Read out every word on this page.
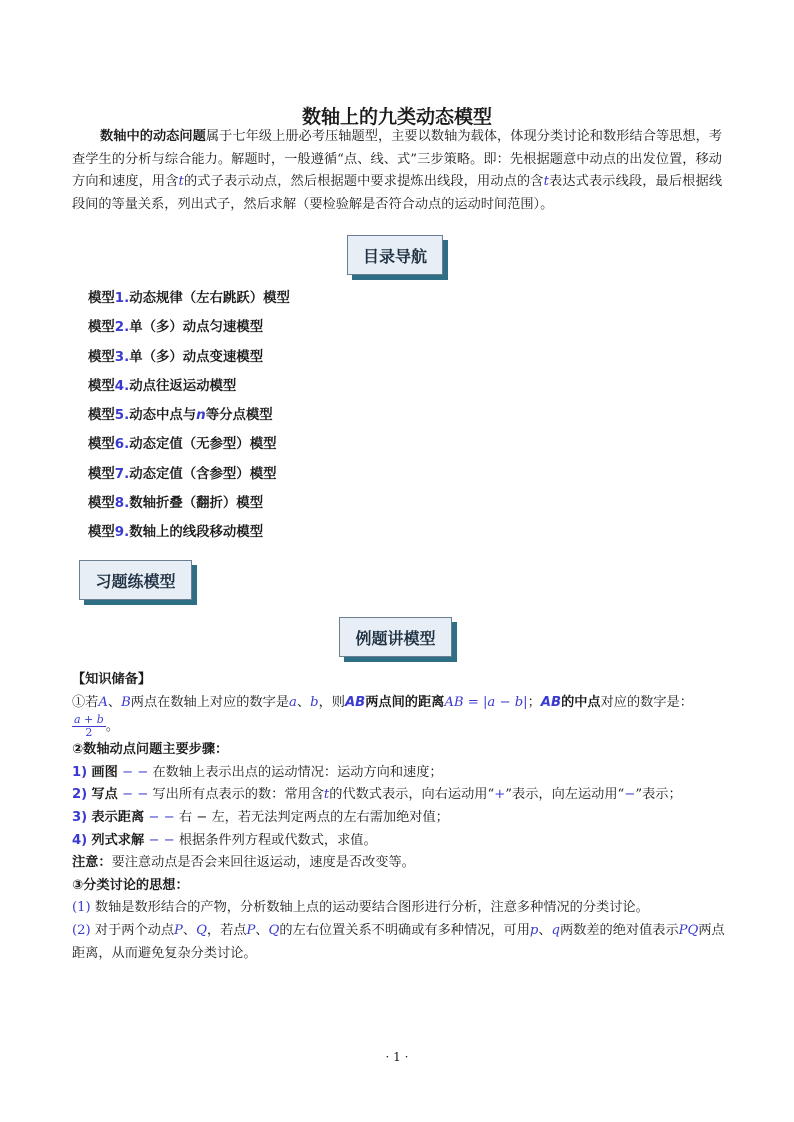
数轴上的九类动态模型
数轴中的动态问题属于七年级上册必考压轴题型，主要以数轴为载体，体现分类讨论和数形结合等思想，考查学生的分析与综合能力。解题时，一般遵循“点、线、式”三步策略。即：先根据题意中动点的出发位置，移动方向和速度，用含t的式子表示动点，然后根据题中要求提炼出线段，用动点的含t表达式表示线段，最后根据线段间的等量关系，列出式子，然后求解（要检验解是否符合动点的运动时间范围）。
目录导航
模型1.动态规律（左右跳跃）模型
模型2.单（多）动点匀速模型
模型3.单（多）动点变速模型
模型4.动点往返运动模型
模型5.动态中点与n等分点模型
模型6.动态定值（无参型）模型
模型7.动态定值（含参型）模型
模型8.数轴折叠（翻折）模型
模型9.数轴上的线段移动模型
习题练模型
例题讲模型
【知识储备】
①若A、B两点在数轴上对应的数字是a、b，则AB两点间的距离AB = |a − b|；AB的中点对应的数字是：

$\frac{a + b}{2}$ 。
②数轴动点问题主要步骤：
1) 画图 − − 在数轴上表示出点的运动情况：运动方向和速度；
2) 写点 − − 写出所有点表示的数：常用含t的代数式表示，向右运动用“+”表示，向左运动用“−”表示；
3) 表示距离 − − 右 − 左，若无法判定两点的左右需加绝对值；
4) 列式求解 − − 根据条件列方程或代数式，求值。
注意：要注意动点是否会来回往返运动，速度是否改变等。
③分类讨论的思想：
(1) 数轴是数形结合的产物，分析数轴上点的运动要结合图形进行分析，注意多种情况的分类讨论。
(2) 对于两个动点P、Q，若点P、Q的左右位置关系不明确或有多种情况，可用p、q两数差的绝对值表示PQ两点距离，从而避免复杂分类讨论。
· 1 ·
